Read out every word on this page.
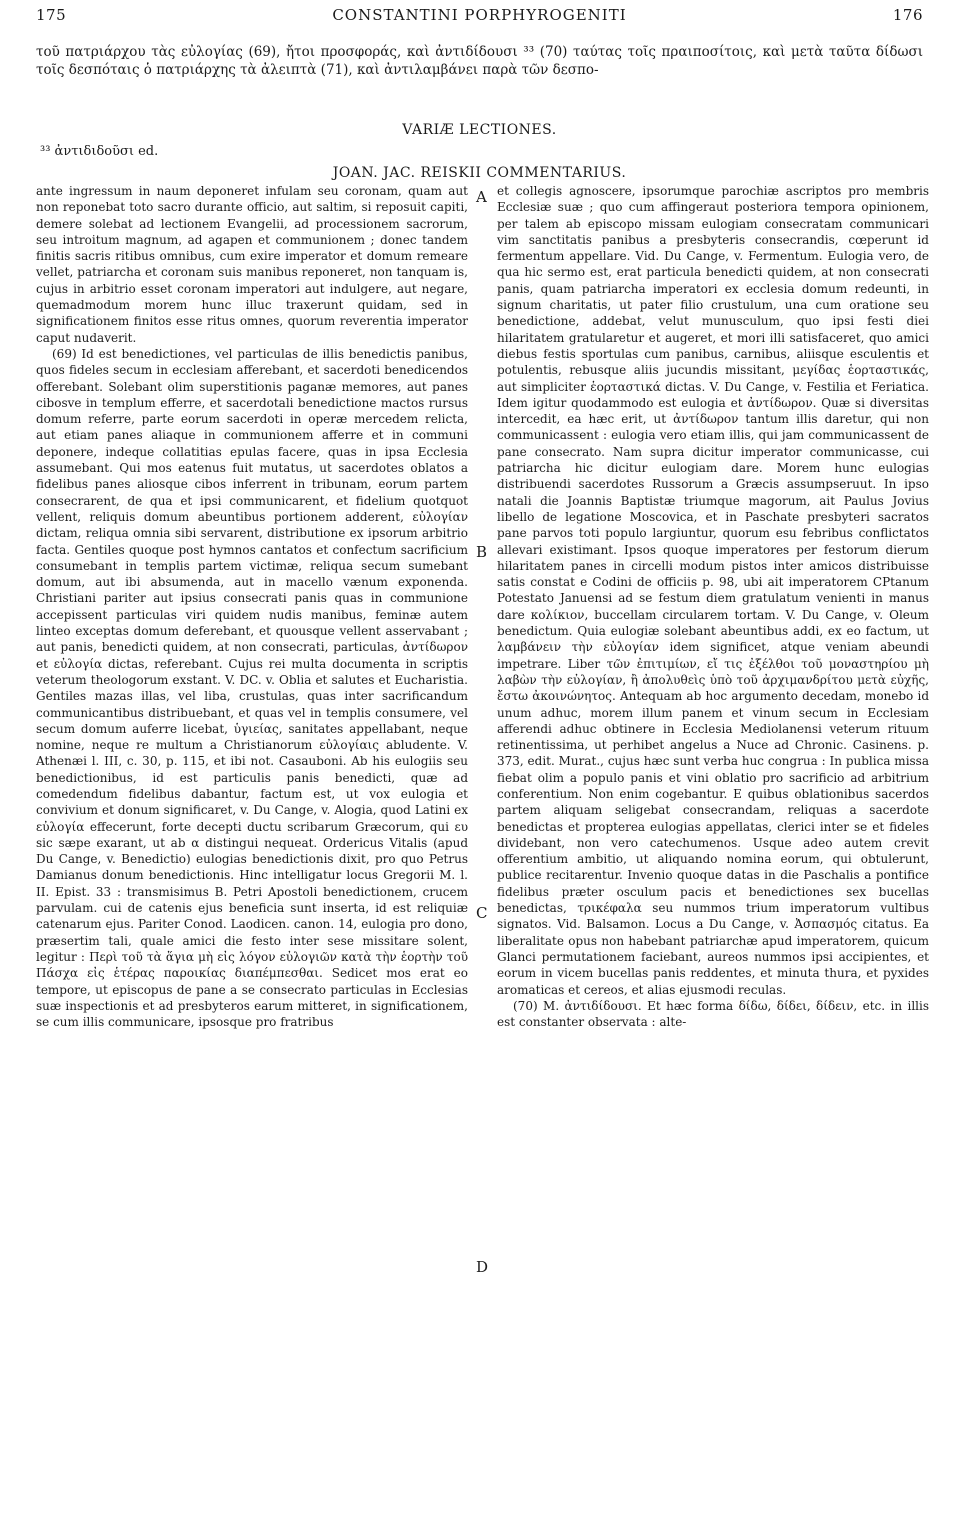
175	CONSTANTINI PORPHYROGENITI	176
τοῦ πατριάρχου τὰς εὐλογίας (69), ἤτοι προσφοράς, καὶ ἀντιδίδουσι ³³ (70) ταύτας τοῖς πραιποσίτοις, καὶ μετὰ ταῦτα δίδωσι τοῖς δεσπόταις ὁ πατριάρχης τὰ ἀλειπτὰ (71), καὶ ἀντιλαμβάνει παρὰ τῶν δεσπο-
VARIÆ LECTIONES.
³³ ἀντιδιδοῦσι ed.
JOAN. JAC. REISKII COMMENTARIUS.

ante ingressum in naum deponeret infulam seu coronam, quam aut non reponebat toto sacro durante officio, aut saltim, si reposuit capiti, demere solebat ad lectionem Evangelii, ad processionem sacrorum, seu introitum magnum, ad agapen et communionem ; donec tandem finitis sacris ritibus omnibus, cum exire imperator et domum remeare vellet, patriarcha et coronam suis manibus reponeret, non tanquam is, cujus in arbitrio esset coronam imperatori aut indulgere, aut negare, quemadmodum morem hunc illuc traxerunt quidam, sed in significationem finitos esse ritus omnes, quorum reverentia imperator caput nudaverit.

(69) Id est benedictiones, vel particulas de illis benedictis panibus, quos fideles secum in ecclesiam afferebant, et sacerdoti benedicendos offerebant. Solebant olim superstitionis paganæ memores, aut panes cibosve in templum efferre, et sacerdotali benedictione mactos rursus domum referre, parte eorum sacerdoti in operæ mercedem relicta, aut etiam panes aliaque in communionem afferre et in communi deponere, indeque collatitias epulas facere, quas in ipsa Ecclesia assumebant. Qui mos eatenus fuit mutatus, ut sacerdotes oblatos a fidelibus panes aliosque cibos inferrent in tribunam, eorum partem consecrarent, de qua et ipsi communicarent, et fidelium quotquot vellent, reliquis domum abeuntibus portionem adderent, εὐλογίαν dictam, reliqua omnia sibi servarent, distributione ex ipsorum arbitrio facta. Gentiles quoque post hymnos cantatos et confectum sacrificium consumebant in templis partem victimæ, reliqua secum sumebant domum, aut ibi absumenda, aut in macello vænum exponenda. Christiani pariter aut ipsius consecrati panis quas in communione accepissent particulas viri quidem nudis manibus, feminæ autem linteo exceptas domum deferebant, et quousque vellent asservabant ; aut panis, benedicti quidem, at non consecrati, particulas, ἀντίδωρον et εὐλογία dictas, referebant. Cujus rei multa documenta in scriptis veterum theologorum exstant. V. DC. v. Oblia et salutes et Eucharistia. Gentiles mazas illas, vel liba, crustulas, quas inter sacrificandum communicantibus distribuebant, et quas vel in templis consumere, vel secum domum auferre licebat, ὑγιείας, sanitates appellabant, neque nomine, neque re multum a Christianorum εὐλογίαις abludente. V. Athenæi l. III, c. 30, p. 115, et ibi not. Casauboni. Ab his eulogiis seu benedictionibus, id est particulis panis benedicti, quæ ad comedendum fidelibus dabantur, factum est, ut vox eulogia et convivium et donum significaret, v. Du Cange, v. Alogia, quod Latini ex εὐλογία effecerunt, forte decepti ductu scribarum Græcorum, qui ευ sic sæpe exarant, ut ab α distingui nequeat. Ordericus Vitalis (apud Du Cange, v. Benedictio) eulogias benedictionis dixit, pro quo Petrus Damianus donum benedictionis. Hinc intelligatur locus Gregorii M. l. II. Epist. 33 : transmisimus B. Petri Apostoli benedictionem, crucem parvulam. cui de catenis ejus beneficia sunt inserta, id est reliquiæ catenarum ejus. Pariter Conod. Laodicen. canon. 14, eulogia pro dono, præsertim tali, quale amici die festo inter sese missitare solent, legitur : Περὶ τοῦ τὰ ἅγια μὴ εἰς λόγον εὐλογιῶν κατὰ τὴν ἑορτὴν τοῦ Πάσχα εἰς ἑτέρας παροικίας διαπέμπεσθαι. Sedicet mos erat eo tempore, ut episcopus de pane a se consecrato particulas in Ecclesias suæ inspectionis et ad presbyteros earum mitteret, in significationem, se cum illis communicare, ipsosque pro fratribus

A
B
C
D

et collegis agnoscere, ipsorumque parochiæ ascriptos pro membris Ecclesiæ suæ ; quo cum affingeraut posteriora tempora opinionem, per talem ab episcopo missam eulogiam consecratam communicari vim sanctitatis panibus a presbyteris consecrandis, cœperunt id fermentum appellare. Vid. Du Cange, v. Fermentum. Eulogia vero, de qua hic sermo est, erat particula benedicti quidem, at non consecrati panis, quam patriarcha imperatori ex ecclesia domum redeunti, in signum charitatis, ut pater filio crustulum, una cum oratione seu benedictione, addebat, velut munusculum, quo ipsi festi diei hilaritatem gratularetur et augeret, et mori illi satisfaceret, quo amici diebus festis sportulas cum panibus, carnibus, aliisque esculentis et potulentis, rebusque aliis jucundis missitant, μεγίδας ἑορταστικάς, aut simpliciter ἑορταστικά dictas. V. Du Cange, v. Festilia et Feriatica. Idem igitur quodammodo est eulogia et ἀντίδωρον. Quæ si diversitas intercedit, ea hæc erit, ut ἀντίδωρον tantum illis daretur, qui non communicassent : eulogia vero etiam illis, qui jam communicassent de pane consecrato. Nam supra dicitur imperator communicasse, cui patriarcha hic dicitur eulogiam dare. Morem hunc eulogias distribuendi sacerdotes Russorum a Græcis assumpseruut. In ipso natali die Joannis Baptistæ triumque magorum, ait Paulus Jovius libello de legatione Moscovica, et in Paschate presbyteri sacratos pane parvos toti populo largiuntur, quorum esu febribus conflictatos allevari existimant. Ipsos quoque imperatores per festorum dierum hilaritatem panes in circelli modum pistos inter amicos distribuisse satis constat e Codini de officiis p. 98, ubi ait imperatorem CPtanum Potestato Januensi ad se festum diem gratulatum venienti in manus dare κολίκιον, buccellam circularem tortam. V. Du Cange, v. Oleum benedictum. Quia eulogiæ solebant abeuntibus addi, ex eo factum, ut λαμβάνειν τὴν εὐλογίαν idem significet, atque veniam abeundi impetrare. Liber τῶν ἐπιτιμίων, εἴ τις ἐξέλθοι τοῦ μοναστηρίου μὴ λαβὼν τὴν εὐλογίαν, ἢ ἀπολυθεὶς ὑπὸ τοῦ ἀρχιμανδρίτου μετὰ εὐχῆς, ἔστω ἀκοινώνητος. Antequam ab hoc argumento decedam, monebo id unum adhuc, morem illum panem et vinum secum in Ecclesiam afferendi adhuc obtinere in Ecclesia Mediolanensi veterum rituum retinentissima, ut perhibet angelus a Nuce ad Chronic. Casinens. p. 373, edit. Murat., cujus hæc sunt verba huc congrua : In publica missa fiebat olim a populo panis et vini oblatio pro sacrificio ad arbitrium conferentium. Non enim cogebantur. E quibus oblationibus sacerdos partem aliquam seligebat consecrandam, reliquas a sacerdote benedictas et propterea eulogias appellatas, clerici inter se et fideles dividebant, non vero catechumenos. Usque adeo autem crevit offerentium ambitio, ut aliquando nomina eorum, qui obtulerunt, publice recitarentur. Invenio quoque datas in die Paschalis a pontifice fidelibus præter osculum pacis et benedictiones sex bucellas benedictas, τρικέφαλα seu nummos trium imperatorum vultibus signatos. Vid. Balsamon. Locus a Du Cange, v. Ἀσπασμός citatus. Ea liberalitate opus non habebant patriarchæ apud imperatorem, quicum Glanci permutationem faciebant, aureos nummos ipsi accipientes, et eorum in vicem bucellas panis reddentes, et minuta thura, et pyxides aromaticas et cereos, et alias ejusmodi reculas.

(70) M. ἀντιδίδουσι. Et hæc forma δίδω, δίδει, δίδειν, etc. in illis est constanter observata : alte-
